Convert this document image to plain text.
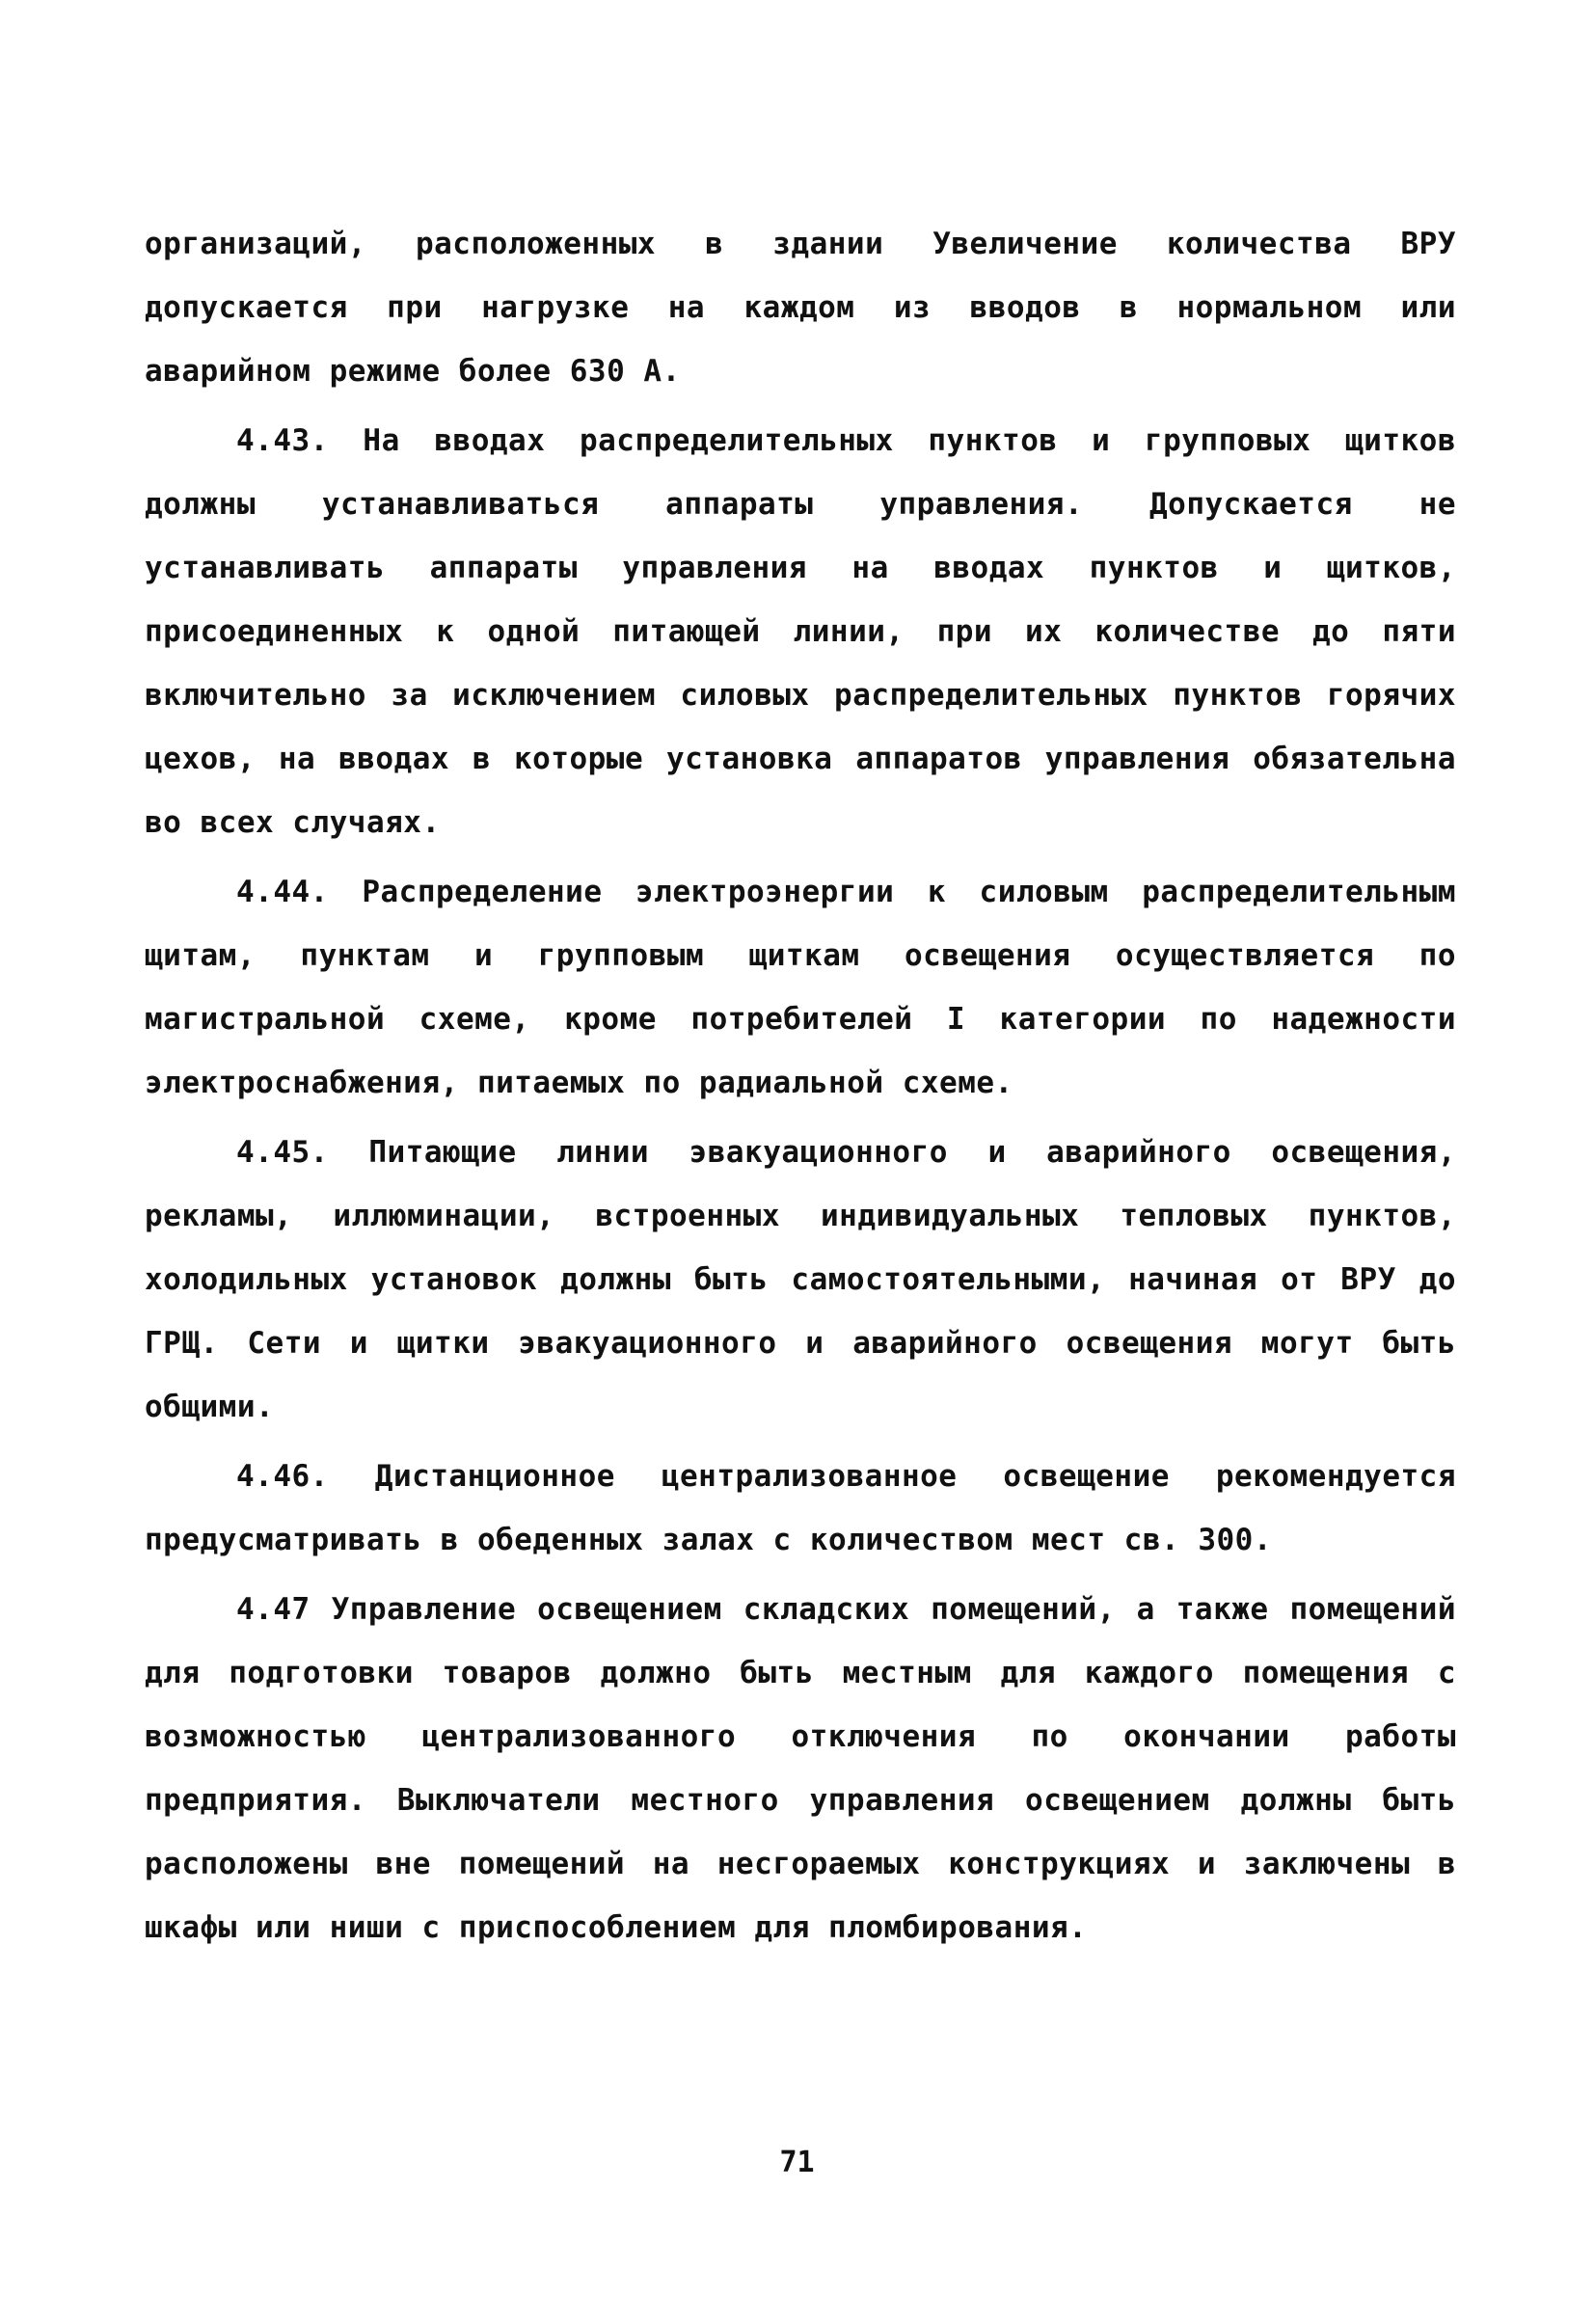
организаций, расположенных в здании Увеличение количества ВРУ допускается при нагрузке на каждом из вводов в нормальном или аварийном режиме более 630 А.

4.43. На вводах распределительных пунктов и групповых щитков должны устанавливаться аппараты управления. Допускается не устанавливать аппараты управления на вводах пунктов и щитков, присоединенных к одной питающей линии, при их количестве до пяти включительно за исключением силовых распределительных пунктов горячих цехов, на вводах в которые установка аппаратов управления обязательна во всех случаях.

4.44. Распределение электроэнергии к силовым распределительным щитам, пунктам и групповым щиткам освещения осуществляется по магистральной схеме, кроме потребителей I категории по надежности электроснабжения, питаемых по радиальной схеме.

4.45. Питающие линии эвакуационного и аварийного освещения, рекламы, иллюминации, встроенных индивидуальных тепловых пунктов, холодильных установок должны быть самостоятельными, начиная от ВРУ до ГРЩ. Сети и щитки эвакуационного и аварийного освещения могут быть общими.

4.46. Дистанционное централизованное освещение рекомендуется предусматривать в обеденных залах с количеством мест св. 300.

4.47 Управление освещением складских помещений, а также помещений для подготовки товаров должно быть местным для каждого помещения с возможностью централизованного отключения по окончании работы предприятия. Выключатели местного управления освещением должны быть расположены вне помещений на несгораемых конструкциях и заключены в шкафы или ниши с приспособлением для пломбирования.

71
